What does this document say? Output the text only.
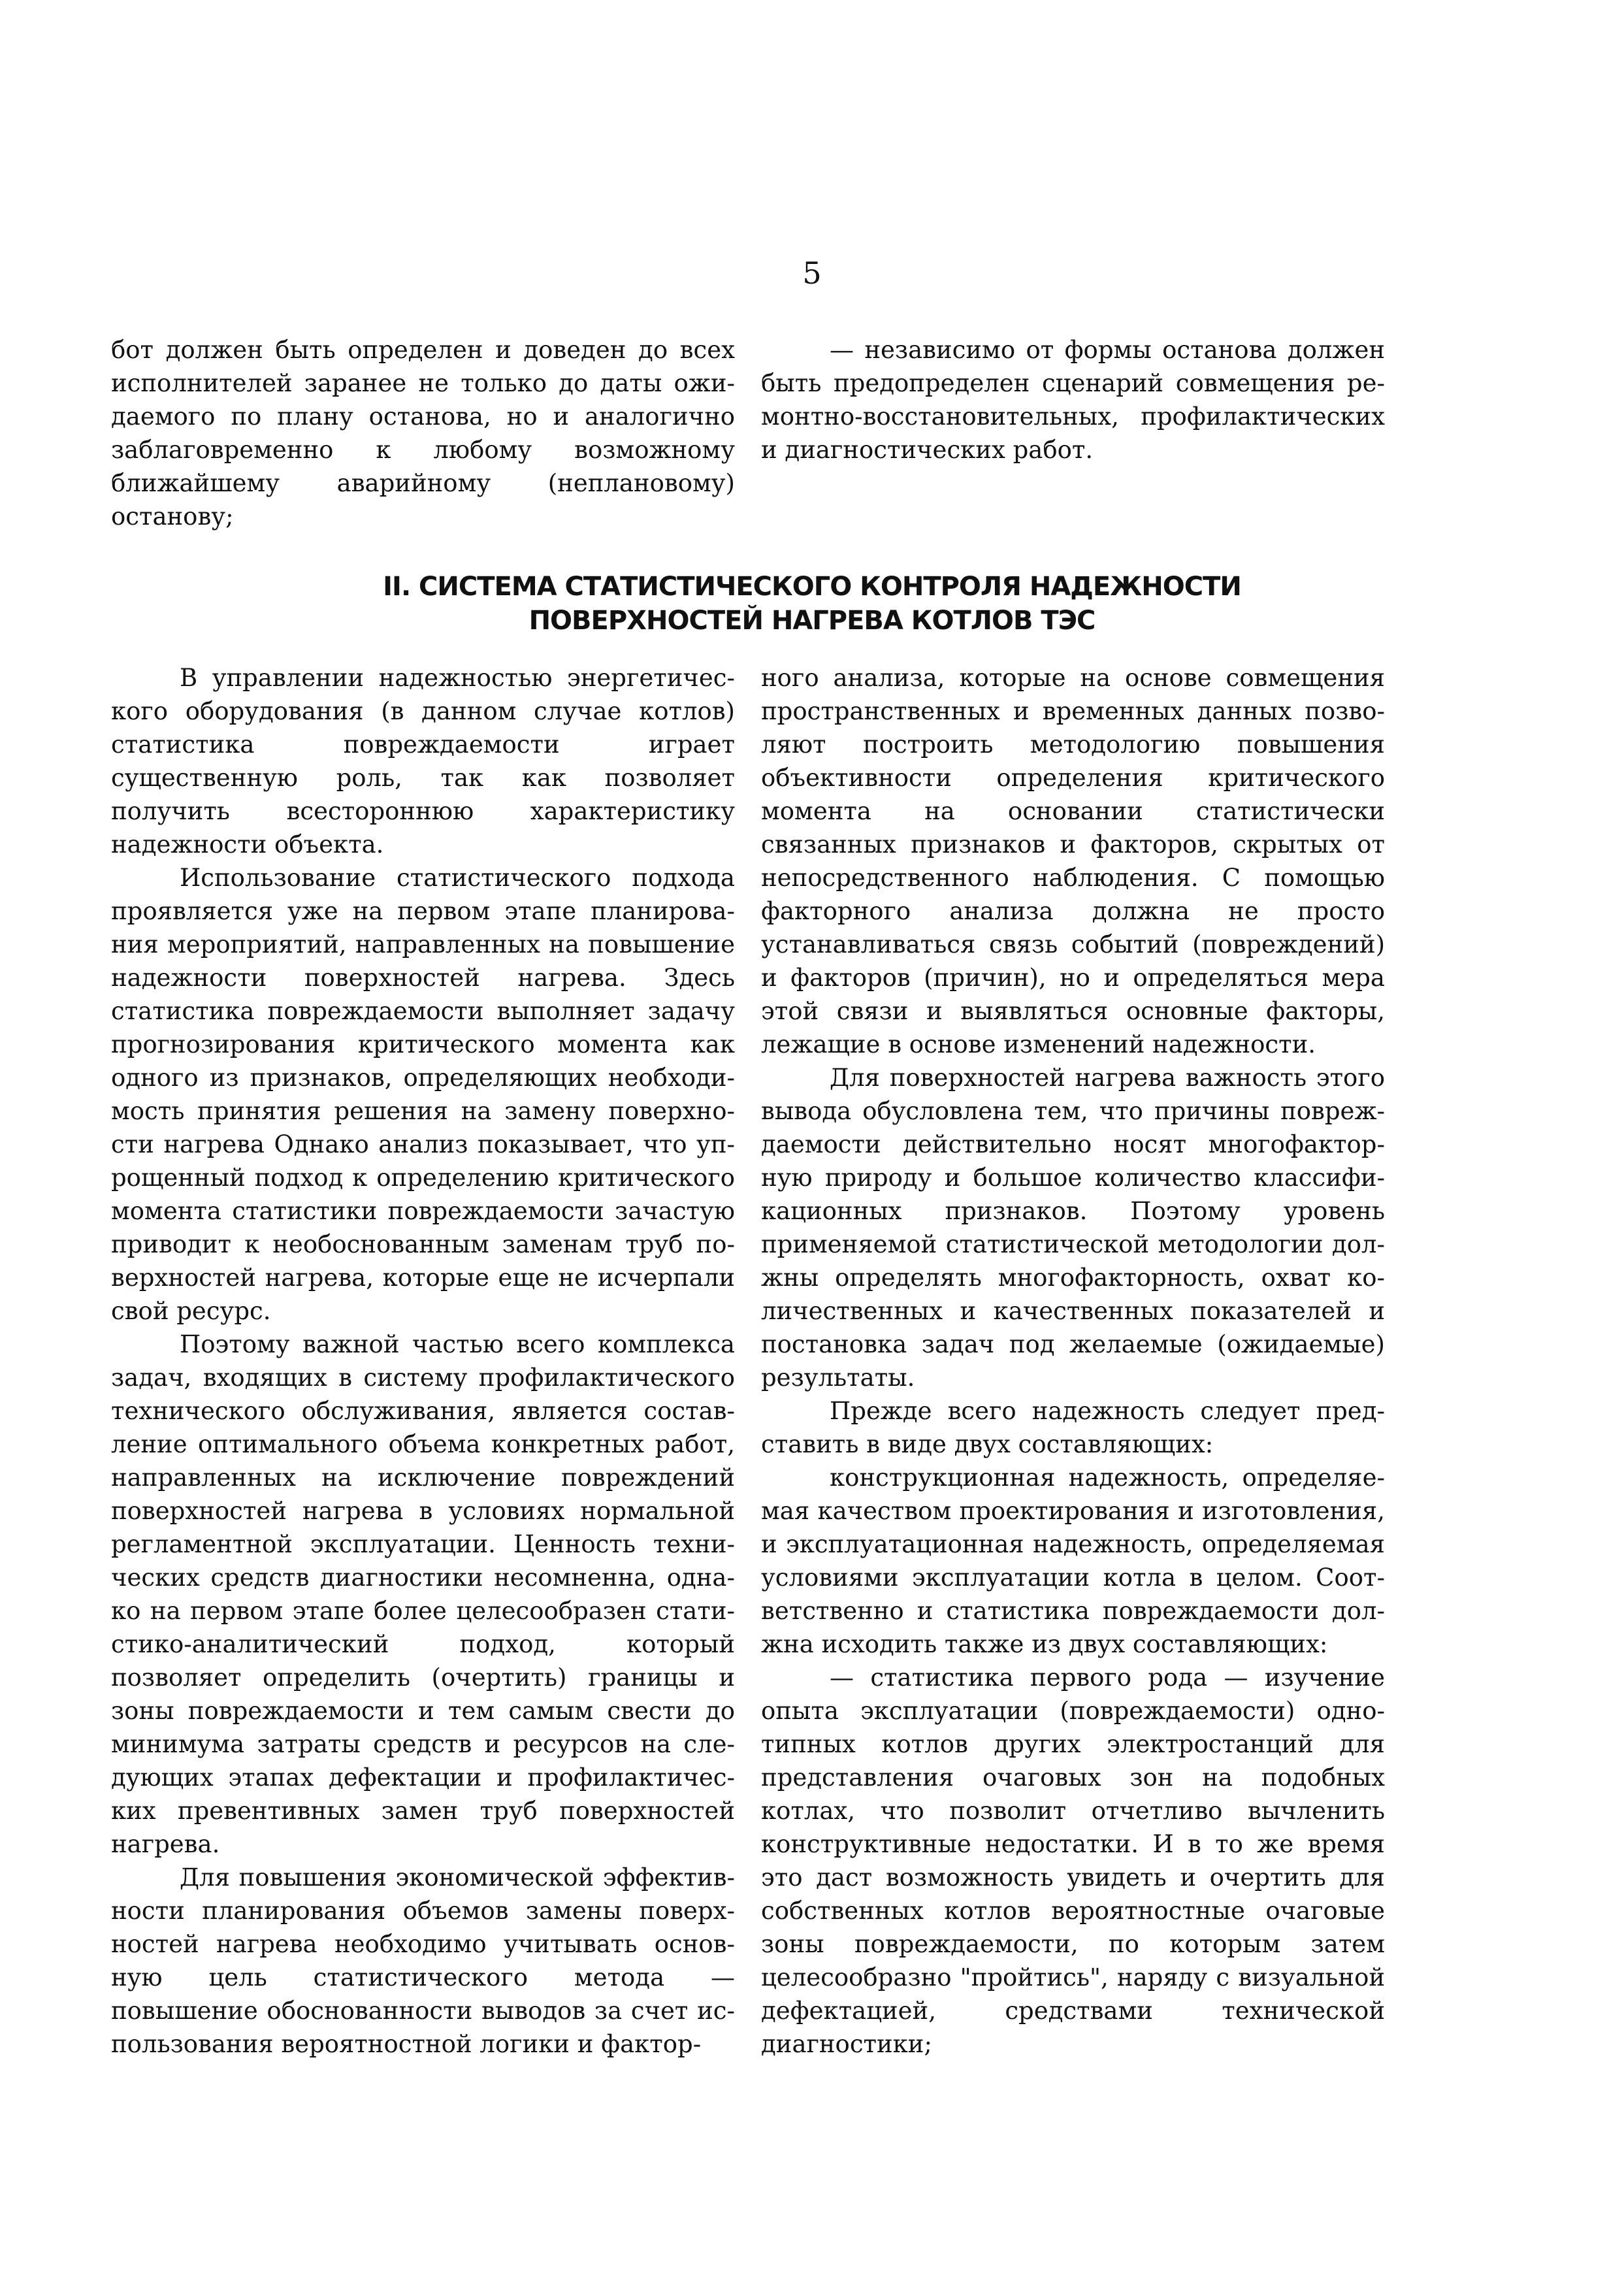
5

бот должен быть определен и доведен до всех исполнителей заранее не только до даты ожидаемого по плану останова, но и аналогично заблаговременно к любому возможному ближайшему аварийному (неплановому) останову;

— независимо от формы останова должен быть предопределен сценарий совмещения ремонтно-восстановительных, профилактических и диагностических работ.

II. СИСТЕМА СТАТИСТИЧЕСКОГО КОНТРОЛЯ НАДЕЖНОСТИ
ПОВЕРХНОСТЕЙ НАГРЕВА КОТЛОВ ТЭС

В управлении надежностью энергетического оборудования (в данном случае котлов) статистика повреждаемости играет существенную роль, так как позволяет получить всестороннюю характеристику надежности объекта.

Использование статистического подхода проявляется уже на первом этапе планирования мероприятий, направленных на повышение надежности поверхностей нагрева. Здесь статистика повреждаемости выполняет задачу прогнозирования критического момента как одного из признаков, определяющих необходимость принятия решения на замену поверхности нагрева Однако анализ показывает, что упрощенный подход к определению критического момента статистики повреждаемости зачастую приводит к необоснованным заменам труб поверхностей нагрева, которые еще не исчерпали свой ресурс.

Поэтому важной частью всего комплекса задач, входящих в систему профилактического технического обслуживания, является составление оптимального объема конкретных работ, направленных на исключение повреждений поверхностей нагрева в условиях нормальной регламентной эксплуатации. Ценность технических средств диагностики несомненна, однако на первом этапе более целесообразен статистико-аналитический подход, который позволяет определить (очертить) границы и зоны повреждаемости и тем самым свести до минимума затраты средств и ресурсов на следующих этапах дефектации и профилактических превентивных замен труб поверхностей нагрева.

Для повышения экономической эффективности планирования объемов замены поверхностей нагрева необходимо учитывать основную цель статистического метода — повышение обоснованности выводов за счет использования вероятностной логики и фактор-

ного анализа, которые на основе совмещения пространственных и временных данных позволяют построить методологию повышения объективности определения критического момента на основании статистически связанных признаков и факторов, скрытых от непосредственного наблюдения. С помощью факторного анализа должна не просто устанавливаться связь событий (повреждений) и факторов (причин), но и определяться мера этой связи и выявляться основные факторы, лежащие в основе изменений надежности.

Для поверхностей нагрева важность этого вывода обусловлена тем, что причины повреждаемости действительно носят многофакторную природу и большое количество классификационных признаков. Поэтому уровень применяемой статистической методологии должны определять многофакторность, охват количественных и качественных показателей и постановка задач под желаемые (ожидаемые) результаты.

Прежде всего надежность следует представить в виде двух составляющих:

конструкционная надежность, определяемая качеством проектирования и изготовления, и эксплуатационная надежность, определяемая условиями эксплуатации котла в целом. Соответственно и статистика повреждаемости должна исходить также из двух составляющих:

— статистика первого рода — изучение опыта эксплуатации (повреждаемости) однотипных котлов других электростанций для представления очаговых зон на подобных котлах, что позволит отчетливо вычленить конструктивные недостатки. И в то же время это даст возможность увидеть и очертить для собственных котлов вероятностные очаговые зоны повреждаемости, по которым затем целесообразно "пройтись", наряду с визуальной дефектацией, средствами технической диагностики;
